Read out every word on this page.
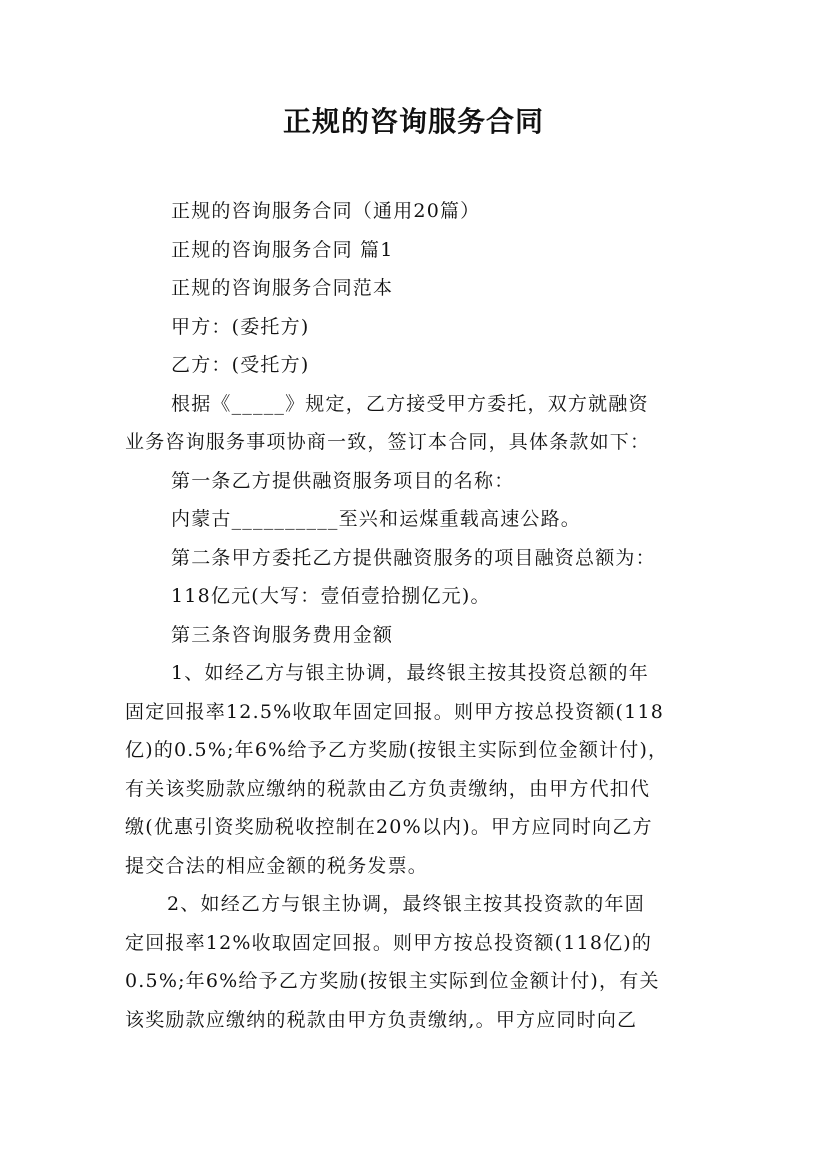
正规的咨询服务合同

正规的咨询服务合同（通用20篇）

正规的咨询服务合同 篇1

正规的咨询服务合同范本

甲方：(委托方)

乙方：(受托方)

根据《_____》规定，乙方接受甲方委托，双方就融资

业务咨询服务事项协商一致，签订本合同，具体条款如下：

第一条乙方提供融资服务项目的名称：

内蒙古__________至兴和运煤重载高速公路。

第二条甲方委托乙方提供融资服务的项目融资总额为：

118亿元(大写：壹佰壹拾捌亿元)。

第三条咨询服务费用金额

1、如经乙方与银主协调，最终银主按其投资总额的年

固定回报率12.5%收取年固定回报。则甲方按总投资额(118

亿)的0.5%;年6%给予乙方奖励(按银主实际到位金额计付)，

有关该奖励款应缴纳的税款由乙方负责缴纳，由甲方代扣代

缴(优惠引资奖励税收控制在20%以内)。甲方应同时向乙方

提交合法的相应金额的税务发票。

2、如经乙方与银主协调，最终银主按其投资款的年固

定回报率12%收取固定回报。则甲方按总投资额(118亿)的

0.5%;年6%给予乙方奖励(按银主实际到位金额计付)，有关

该奖励款应缴纳的税款由甲方负责缴纳,。甲方应同时向乙
